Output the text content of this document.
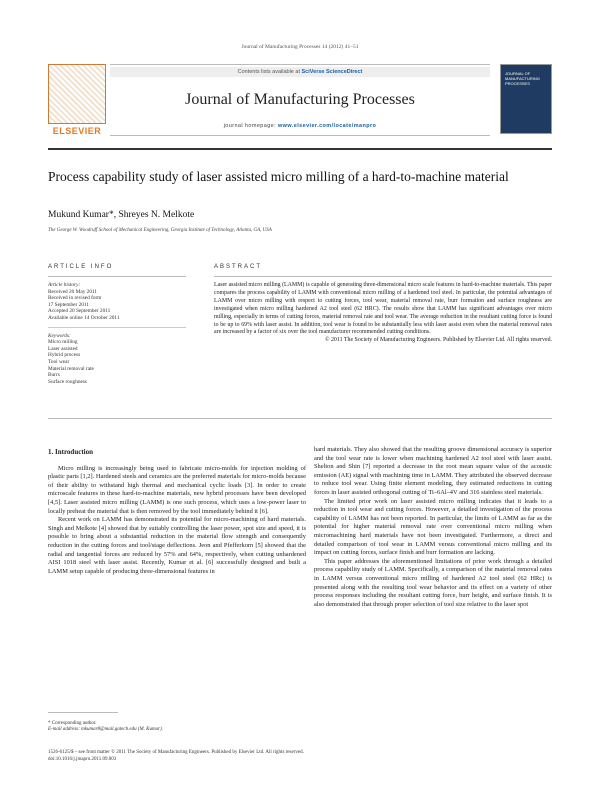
Journal of Manufacturing Processes 14 (2012) 41–51
ELSEVIER
Contents lists available at SciVerse ScienceDirect
Journal of Manufacturing Processes
journal homepage: www.elsevier.com/locate/manpro
JOURNAL OF MANUFACTURING PROCESSES
Process capability study of laser assisted micro milling of a hard-to-machine material
Mukund Kumar*, Shreyes N. Melkote
The George W. Woodruff School of Mechanical Engineering, Georgia Institute of Technology, Atlanta, GA, USA
ARTICLE INFO	ABSTRACT
Article history:
Received 20 May 2011
Received in revised form
17 September 2011
Accepted 20 September 2011
Available online 14 October 2011
Keywords:
Micro milling
Laser assisted
Hybrid process
Tool wear
Material removal rate
Burrs
Surface roughness
Laser assisted micro milling (LAMM) is capable of generating three-dimensional micro scale features in hard-to-machine materials. This paper compares the process capability of LAMM with conventional micro milling of a hardened tool steel. In particular, the potential advantages of LAMM over micro milling with respect to cutting forces, tool wear, material removal rate, burr formation and surface roughness are investigated when micro milling hardened A2 tool steel (62 HRC). The results show that LAMM has significant advantages over micro milling, especially in terms of cutting forces, material removal rate and tool wear. The average reduction in the resultant cutting force is found to be up to 69% with laser assist. In addition, tool wear is found to be substantially less with laser assist even when the material removal rates are increased by a factor of six over the tool manufacturer recommended cutting conditions.
© 2011 The Society of Manufacturing Engineers. Published by Elsevier Ltd. All rights reserved.
1. Introduction

Micro milling is increasingly being used to fabricate micro-molds for injection molding of plastic parts [1,2]. Hardened steels and ceramics are the preferred materials for micro-molds because of their ability to withstand high thermal and mechanical cyclic loads [3]. In order to create microscale features in these hard-to-machine materials, new hybrid processes have been developed [4,5]. Laser assisted micro milling (LAMM) is one such process, which uses a low-power laser to locally preheat the material that is then removed by the tool immediately behind it [6].

Recent work on LAMM has demonstrated its potential for micro-machining of hard materials. Singh and Melkote [4] showed that by suitably controlling the laser power, spot size and speed, it is possible to bring about a substantial reduction in the material flow strength and consequently reduction in the cutting forces and tool/stage deflections. Jeon and Pfefferkorn [5] showed that the radial and tangential forces are reduced by 57% and 64%, respectively, when cutting unhardened AISI 1018 steel with laser assist. Recently, Kumar et al. [6] successfully designed and built a LAMM setup capable of producing three-dimensional features in

hard materials. They also showed that the resulting groove dimensional accuracy is superior and the tool wear rate is lower when machining hardened A2 tool steel with laser assist. Shelton and Shin [7] reported a decrease in the root mean square value of the acoustic emission (AE) signal with machining time in LAMM. They attributed the observed decrease to reduce tool wear. Using finite element modeling, they estimated reductions in cutting forces in laser assisted orthogonal cutting of Ti–6Al–4V and 316 stainless steel materials.

The limited prior work on laser assisted micro milling indicates that it leads to a reduction in tool wear and cutting forces. However, a detailed investigation of the process capability of LAMM has not been reported. In particular, the limits of LAMM as far as the potential for higher material removal rate over conventional micro milling when micromachining hard materials have not been investigated. Furthermore, a direct and detailed comparison of tool wear in LAMM versus conventional micro milling and its impact on cutting forces, surface finish and burr formation are lacking.

This paper addresses the aforementioned limitations of prior work through a detailed process capability study of LAMM. Specifically, a comparison of the material removal rates in LAMM versus conventional micro milling of hardened A2 tool steel (62 HRc) is presented along with the resulting tool wear behavior and its effect on a variety of other process responses including the resultant cutting force, burr height, and surface finish. It is also demonstrated that through proper selection of tool size relative to the laser spot

* Corresponding author.
E-mail address: mkumar8@mail.gatech.edu (M. Kumar).
1526-6125/$ – see front matter © 2011 The Society of Manufacturing Engineers. Published by Elsevier Ltd. All rights reserved.
doi:10.1016/j.jmapro.2011.09.003
